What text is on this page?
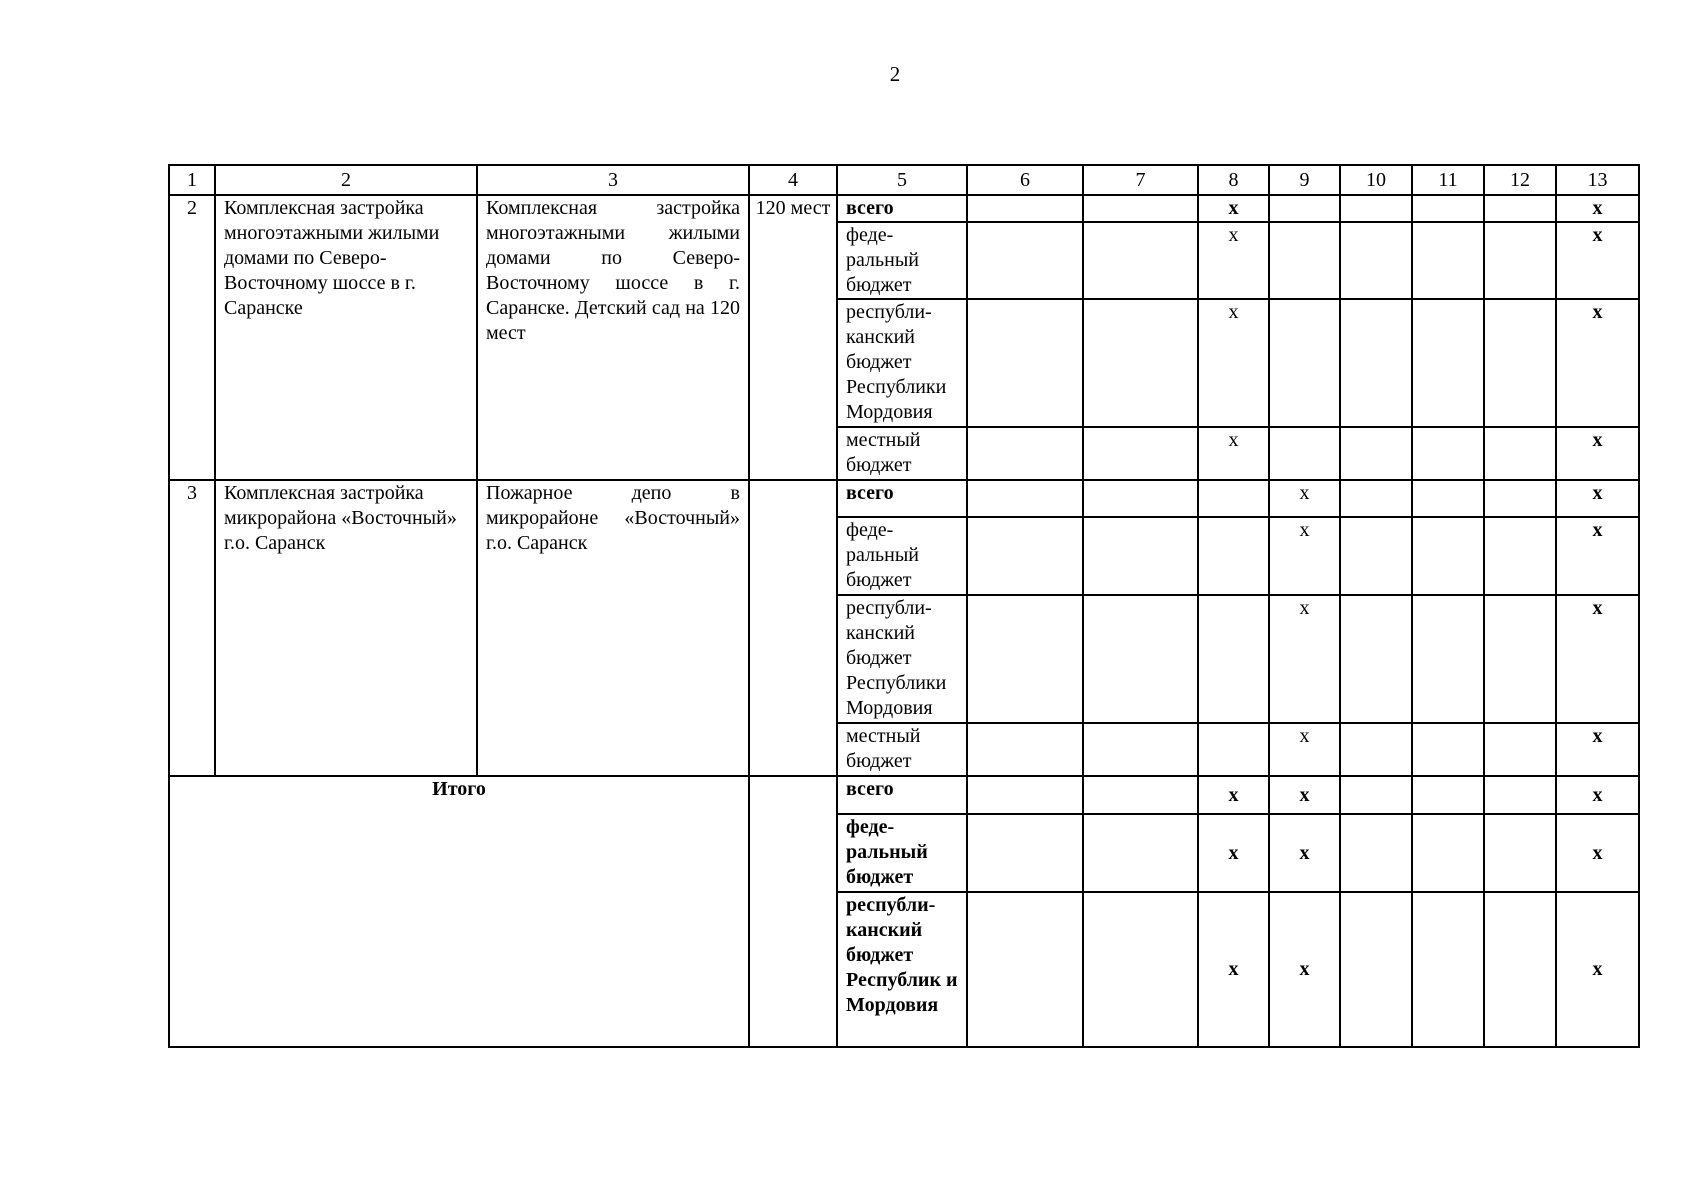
2
1	2	3	4	5	6	7	8	9	10	11	12	13
2	Комплексная застройка многоэтажными жилыми домами по Северо-Восточному шоссе в г. Саранске	Комплексная застройка многоэтажными жилыми домами по Северо-Восточному шоссе в г. Саранске. Детский сад на 120 мест	120 мест	всего			х					х
				феде-ральный бюджет			х					х
				республи-канский бюджет Республики Мордовия			х					х
				местный бюджет			х					х
3	Комплексная застройка микрорайона «Восточный» г.о. Саранск	Пожарное депо в микрорайоне «Восточный» г.о. Саранск		всего				х				х
				феде-ральный бюджет				х				х
				республи-канский бюджет Республики Мордовия				х				х
				местный бюджет				х				х
Итого				всего			х	х				х
				феде-ральный бюджет			х	х				х
				республи-канский бюджет Республик и Мордовия			х	х				х
